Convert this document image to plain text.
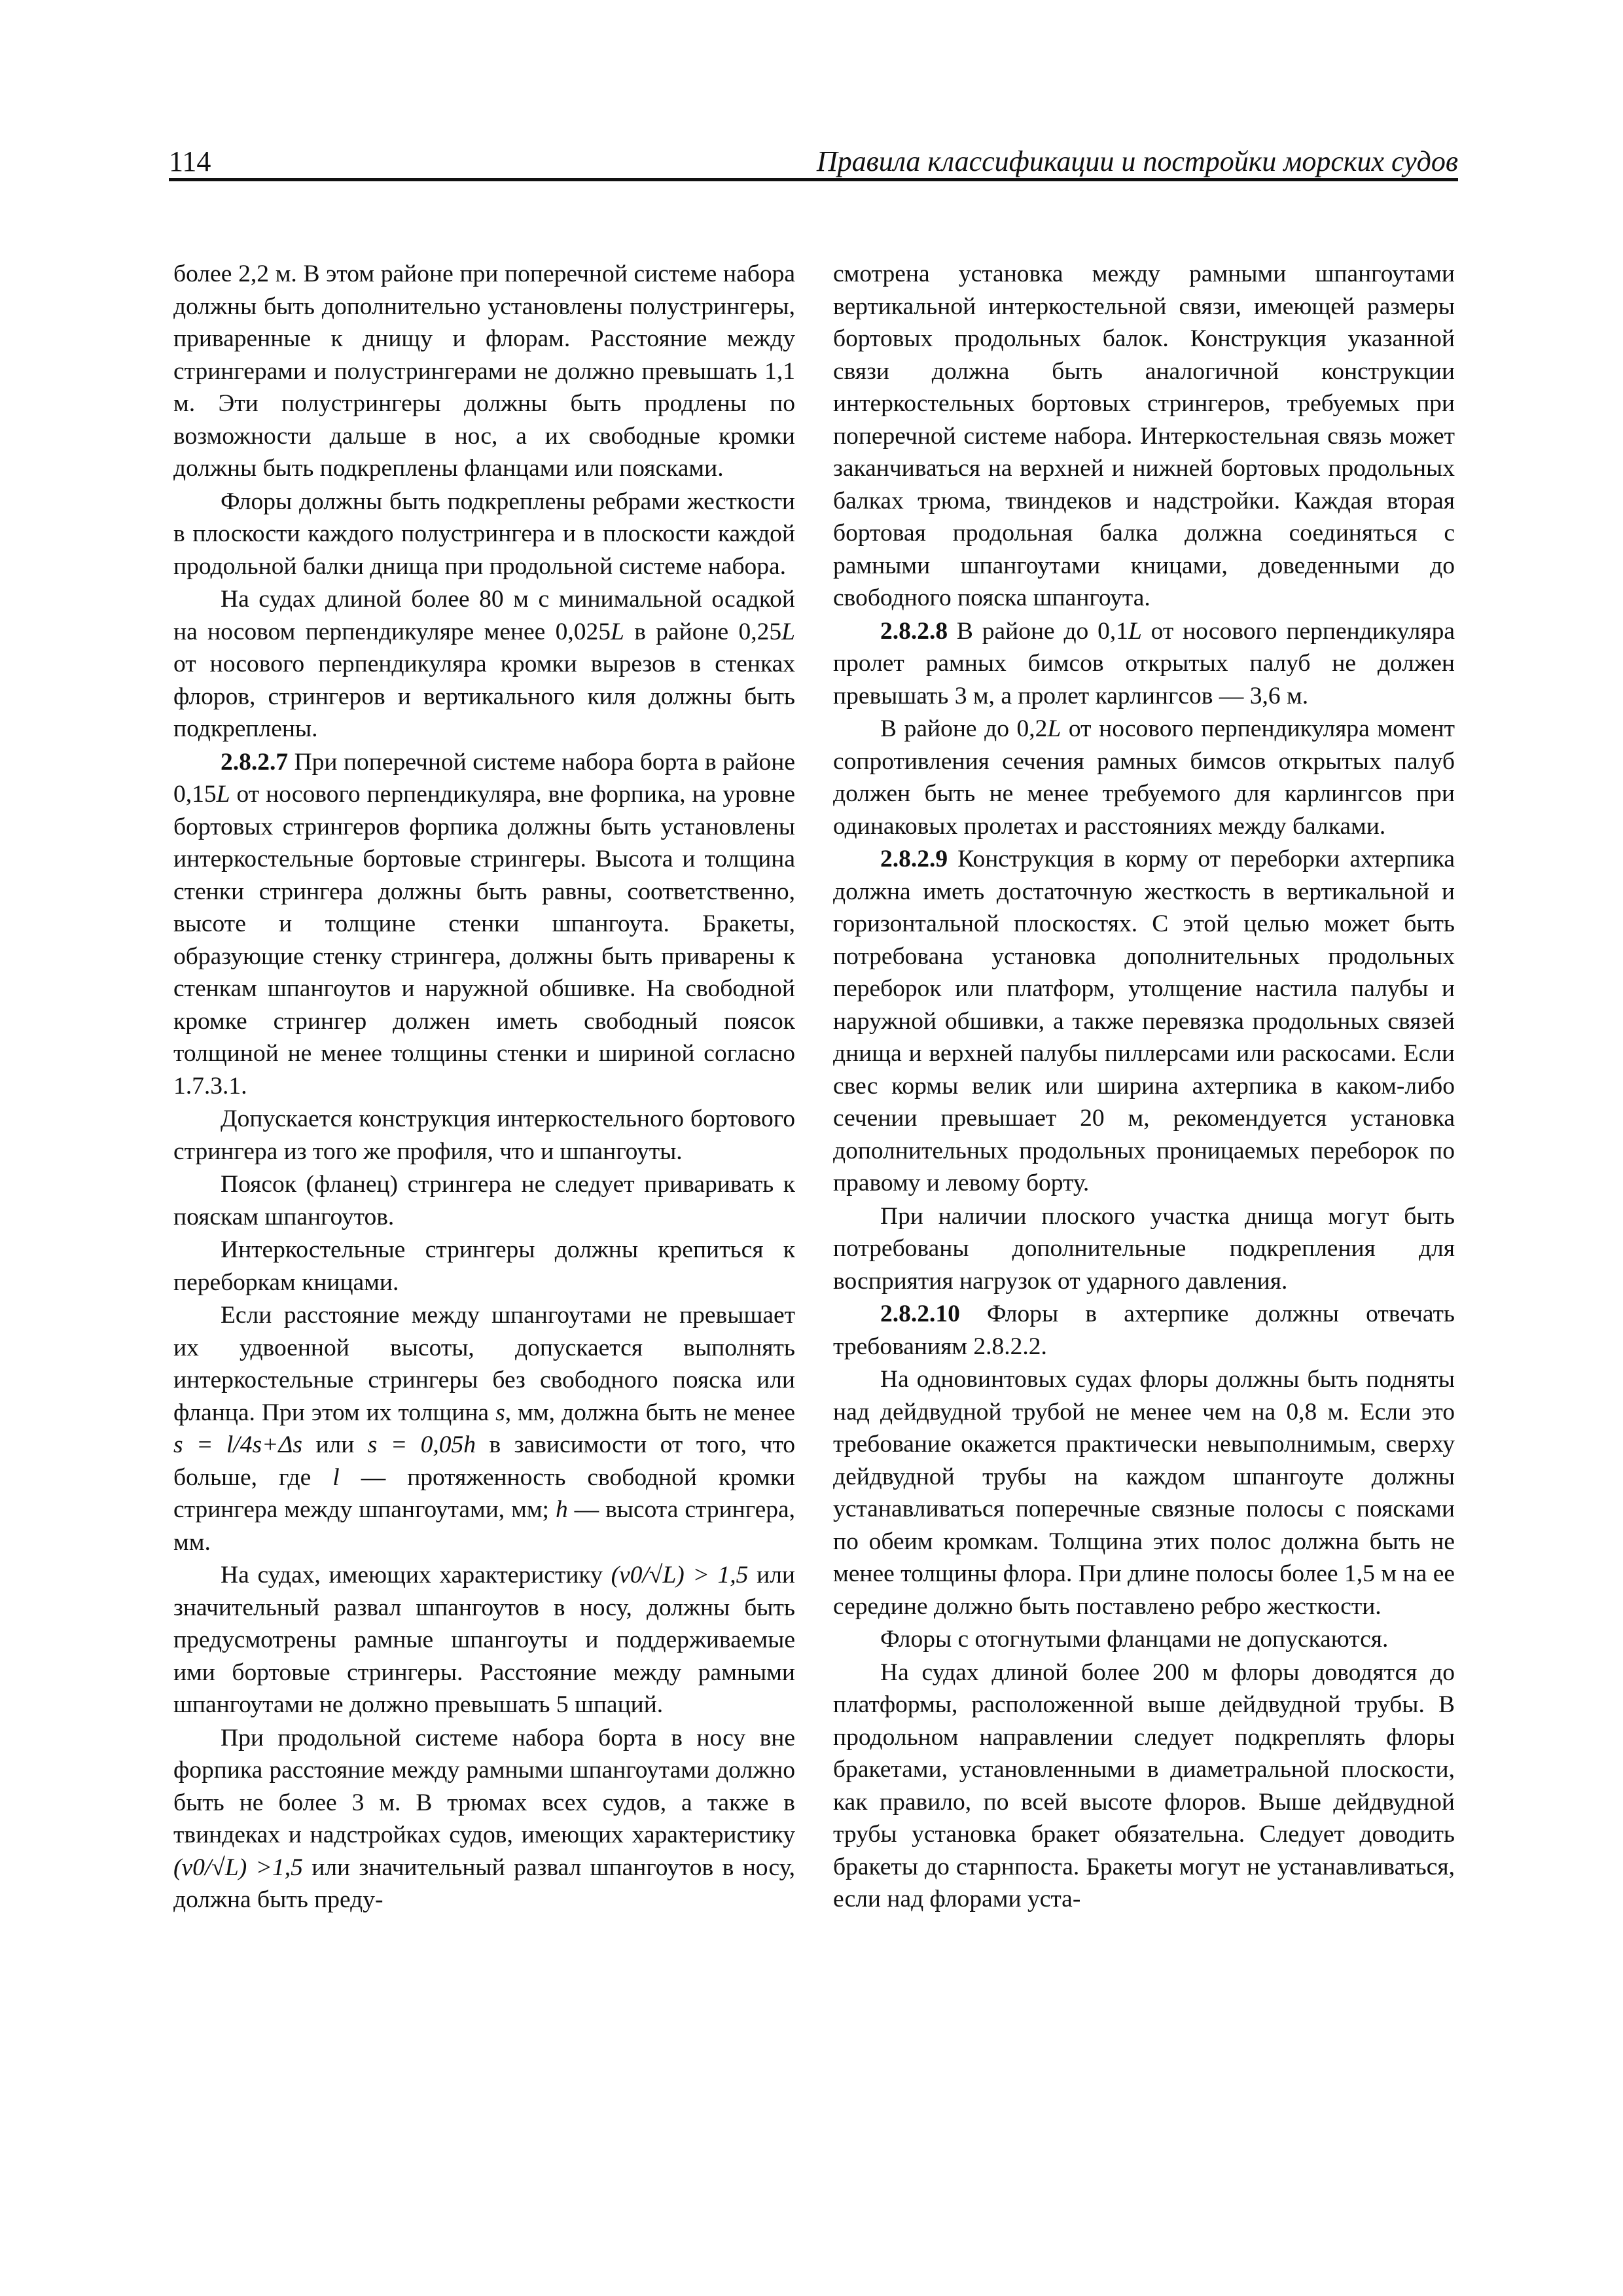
114	Правила классификации и постройки морских судов

более 2,2 м. В этом районе при поперечной системе набора должны быть дополнительно установлены полустрингеры, приваренные к днищу и флорам. Расстояние между стрингерами и полустрингерами не должно превышать 1,1 м. Эти полустрингеры должны быть продлены по возможности дальше в нос, а их свободные кромки должны быть подкреплены фланцами или поясками.

Флоры должны быть подкреплены ребрами жесткости в плоскости каждого полустрингера и в плоскости каждой продольной балки днища при продольной системе набора.

На судах длиной более 80 м с минимальной осадкой на носовом перпендикуляре менее 0,025L в районе 0,25L от носового перпендикуляра кромки вырезов в стенках флоров, стрингеров и вертикального киля должны быть подкреплены.

2.8.2.7 При поперечной системе набора борта в районе 0,15L от носового перпендикуляра, вне форпика, на уровне бортовых стрингеров форпика должны быть установлены интеркостельные бортовые стрингеры. Высота и толщина стенки стрингера должны быть равны, соответственно, высоте и толщине стенки шпангоута. Бракеты, образующие стенку стрингера, должны быть приварены к стенкам шпангоутов и наружной обшивке. На свободной кромке стрингер должен иметь свободный поясок толщиной не менее толщины стенки и шириной согласно 1.7.3.1.

Допускается конструкция интеркостельного бортового стрингера из того же профиля, что и шпангоуты.

Поясок (фланец) стрингера не следует приваривать к пояскам шпангоутов.

Интеркостельные стрингеры должны крепиться к переборкам кницами.

Если расстояние между шпангоутами не превышает их удвоенной высоты, допускается выполнять интеркостельные стрингеры без свободного пояска или фланца. При этом их толщина s, мм, должна быть не менее s = l/4s+Δs или s = 0,05h в зависимости от того, что больше, где l — протяженность свободной кромки стрингера между шпангоутами, мм; h — высота стрингера, мм.

На судах, имеющих характеристику (v0/√L) > 1,5 или значительный развал шпангоутов в носу, должны быть предусмотрены рамные шпангоуты и поддерживаемые ими бортовые стрингеры. Расстояние между рамными шпангоутами не должно превышать 5 шпаций.

При продольной системе набора борта в носу вне форпика расстояние между рамными шпангоутами должно быть не более 3 м. В трюмах всех судов, а также в твиндеках и надстройках судов, имеющих характеристику (v0/√L) >1,5 или значительный развал шпангоутов в носу, должна быть преду-

смотрена установка между рамными шпангоутами вертикальной интеркостельной связи, имеющей размеры бортовых продольных балок. Конструкция указанной связи должна быть аналогичной конструкции интеркостельных бортовых стрингеров, требуемых при поперечной системе набора. Интеркостельная связь может заканчиваться на верхней и нижней бортовых продольных балках трюма, твиндеков и надстройки. Каждая вторая бортовая продольная балка должна соединяться с рамными шпангоутами кницами, доведенными до свободного пояска шпангоута.

2.8.2.8 В районе до 0,1L от носового перпендикуляра пролет рамных бимсов открытых палуб не должен превышать 3 м, а пролет карлингсов — 3,6 м.

В районе до 0,2L от носового перпендикуляра момент сопротивления сечения рамных бимсов открытых палуб должен быть не менее требуемого для карлингсов при одинаковых пролетах и расстояниях между балками.

2.8.2.9 Конструкция в корму от переборки ахтерпика должна иметь достаточную жесткость в вертикальной и горизонтальной плоскостях. С этой целью может быть потребована установка дополнительных продольных переборок или платформ, утолщение настила палубы и наружной обшивки, а также перевязка продольных связей днища и верхней палубы пиллерсами или раскосами. Если свес кормы велик или ширина ахтерпика в каком-либо сечении превышает 20 м, рекомендуется установка дополнительных продольных проницаемых переборок по правому и левому борту.

При наличии плоского участка днища могут быть потребованы дополнительные подкрепления для восприятия нагрузок от ударного давления.

2.8.2.10 Флоры в ахтерпике должны отвечать требованиям 2.8.2.2.

На одновинтовых судах флоры должны быть подняты над дейдвудной трубой не менее чем на 0,8 м. Если это требование окажется практически невыполнимым, сверху дейдвудной трубы на каждом шпангоуте должны устанавливаться поперечные связные полосы с поясками по обеим кромкам. Толщина этих полос должна быть не менее толщины флора. При длине полосы более 1,5 м на ее середине должно быть поставлено ребро жесткости.

Флоры с отогнутыми фланцами не допускаются.

На судах длиной более 200 м флоры доводятся до платформы, расположенной выше дейдвудной трубы. В продольном направлении следует подкреплять флоры бракетами, установленными в диаметральной плоскости, как правило, по всей высоте флоров. Выше дейдвудной трубы установка бракет обязательна. Следует доводить бракеты до старнпоста. Бракеты могут не устанавливаться, если над флорами уста-
